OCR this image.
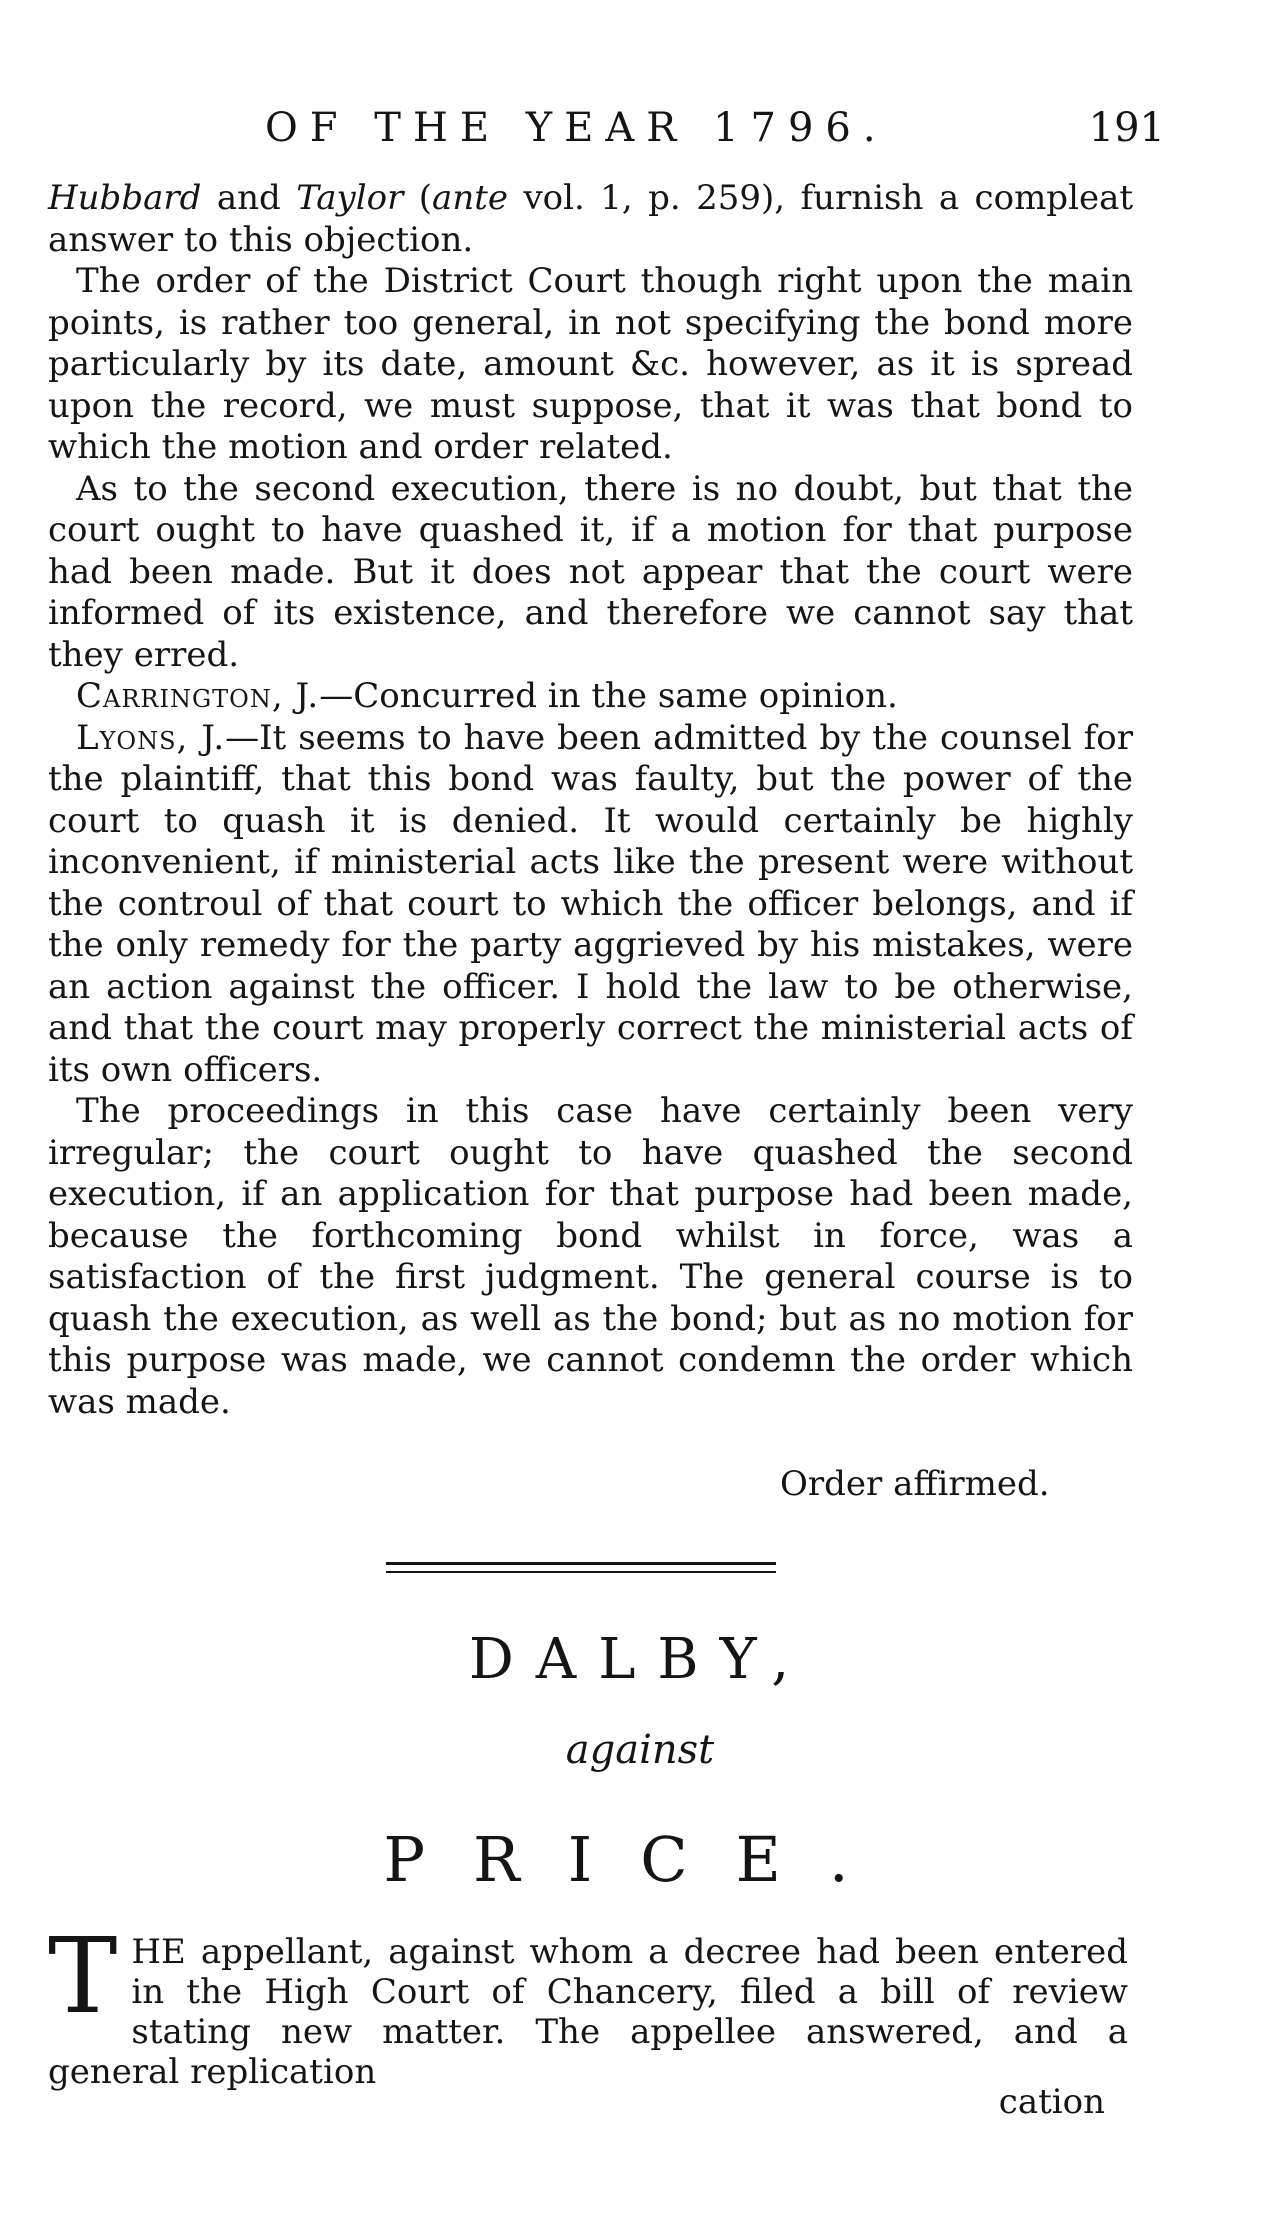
OF THE YEAR 1796.	191

Hubbard and Taylor (ante vol. 1, p. 259), furnish a compleat answer to this objection.

The order of the District Court though right upon the main points, is rather too general, in not specifying the bond more particularly by its date, amount &c. however, as it is spread upon the record, we must suppose, that it was that bond to which the motion and order related.

As to the second execution, there is no doubt, but that the court ought to have quashed it, if a motion for that purpose had been made. But it does not appear that the court were informed of its existence, and therefore we cannot say that they erred.

Carrington, J.—Concurred in the same opinion.

Lyons, J.—It seems to have been admitted by the counsel for the plaintiff, that this bond was faulty, but the power of the court to quash it is denied. It would certainly be highly inconvenient, if ministerial acts like the present were without the controul of that court to which the officer belongs, and if the only remedy for the party aggrieved by his mistakes, were an action against the officer. I hold the law to be otherwise, and that the court may properly correct the ministerial acts of its own officers.

The proceedings in this case have certainly been very irregular; the court ought to have quashed the second execution, if an application for that purpose had been made, because the forthcoming bond whilst in force, was a satisfaction of the first judgment. The general course is to quash the execution, as well as the bond; but as no motion for this purpose was made, we cannot condemn the order which was made.

Order affirmed.
DALBY,
against
PRICE.
THE appellant, against whom a decree had been entered in the High Court of Chancery, filed a bill of review stating new matter. The appellee answered, and a general replication
cation
